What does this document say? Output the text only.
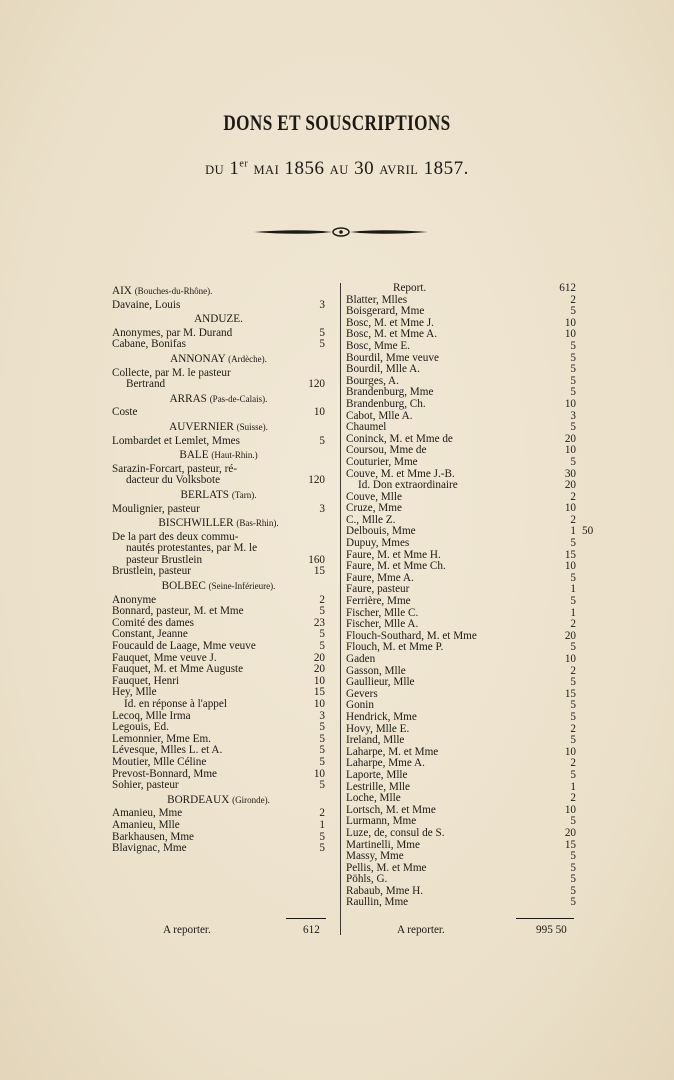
DONS ET SOUSCRIPTIONS
DU 1er MAI 1856 AU 30 AVRIL 1857.
AIX (Bouches-du-Rhône).
Davaine, Louis	3
ANDUZE.
Anonymes, par M. Durand	5
Cabane, Bonifas	5
ANNONAY (Ardèche).
Collecte, par M. le pasteur
Bertrand	120
ARRAS (Pas-de-Calais).
Coste	10
AUVERNIER (Suisse).
Lombardet et Lemlet, Mmes	5
BALE (Haut-Rhin.)
Sarazin-Forcart, pasteur, ré-
dacteur du Volksbote	120
BERLATS (Tarn).
Moulignier, pasteur	3
BISCHWILLER (Bas-Rhin).
De la part des deux commu-
nautés protestantes, par M. le
pasteur Brustlein	160
Brustlein, pasteur	15
BOLBEC (Seine-Inférieure).
Anonyme	2
Bonnard, pasteur, M. et Mme	5
Comité des dames	23
Constant, Jeanne	5
Foucauld de Laage, Mme veuve	5
Fauquet, Mme veuve J.	20
Fauquet, M. et Mme Auguste	20
Fauquet, Henri	10
Hey, Mlle	15
Id. en réponse à l'appel	10
Lecoq, Mlle Irma	3
Legouis, Ed.	5
Lemonnier, Mme Em.	5
Lévesque, Mlles L. et A.	5
Moutier, Mlle Céline	5
Prevost-Bonnard, Mme	10
Sohier, pasteur	5
BORDEAUX (Gironde).
Amanieu, Mme	2
Amanieu, Mlle	1
Barkhausen, Mme	5
Blavignac, Mme	5
Report.	612
Blatter, Mlles	2
Boisgerard, Mme	5
Bosc, M. et Mme J.	10
Bosc, M. et Mme A.	10
Bosc, Mme E.	5
Bourdil, Mme veuve	5
Bourdil, Mlle A.	5
Bourges, A.	5
Brandenburg, Mme	5
Brandenburg, Ch.	10
Cabot, Mlle A.	3
Chaumel	5
Coninck, M. et Mme de	20
Coursou, Mme de	10
Couturier, Mme	5
Couve, M. et Mme J.-B.	30
Id. Don extraordinaire	20
Couve, Mlle	2
Cruze, Mme	10
C., Mlle Z.	2
Delbouis, Mme	1 50
Dupuy, Mmes	5
Faure, M. et Mme H.	15
Faure, M. et Mme Ch.	10
Faure, Mme A.	5
Faure, pasteur	1
Ferrière, Mme	5
Fischer, Mlle C.	1
Fischer, Mlle A.	2
Flouch-Southard, M. et Mme	20
Flouch, M. et Mme P.	5
Gaden	10
Gasson, Mlle	2
Gaullieur, Mlle	5
Gevers	15
Gonin	5
Hendrick, Mme	5
Hovy, Mlle E.	2
Ireland, Mlle	5
Laharpe, M. et Mme	10
Laharpe, Mme A.	2
Laporte, Mlle	5
Lestrille, Mlle	1
Loche, Mlle	2
Lortsch, M. et Mme	10
Lurmann, Mme	5
Luze, de, consul de S.	20
Martinelli, Mme	15
Massy, Mme	5
Pellis, M. et Mme	5
Pöhls, G.	5
Rabaub, Mme H.	5
Raullin, Mme	5
A reporter.	612	A reporter.	995 50
